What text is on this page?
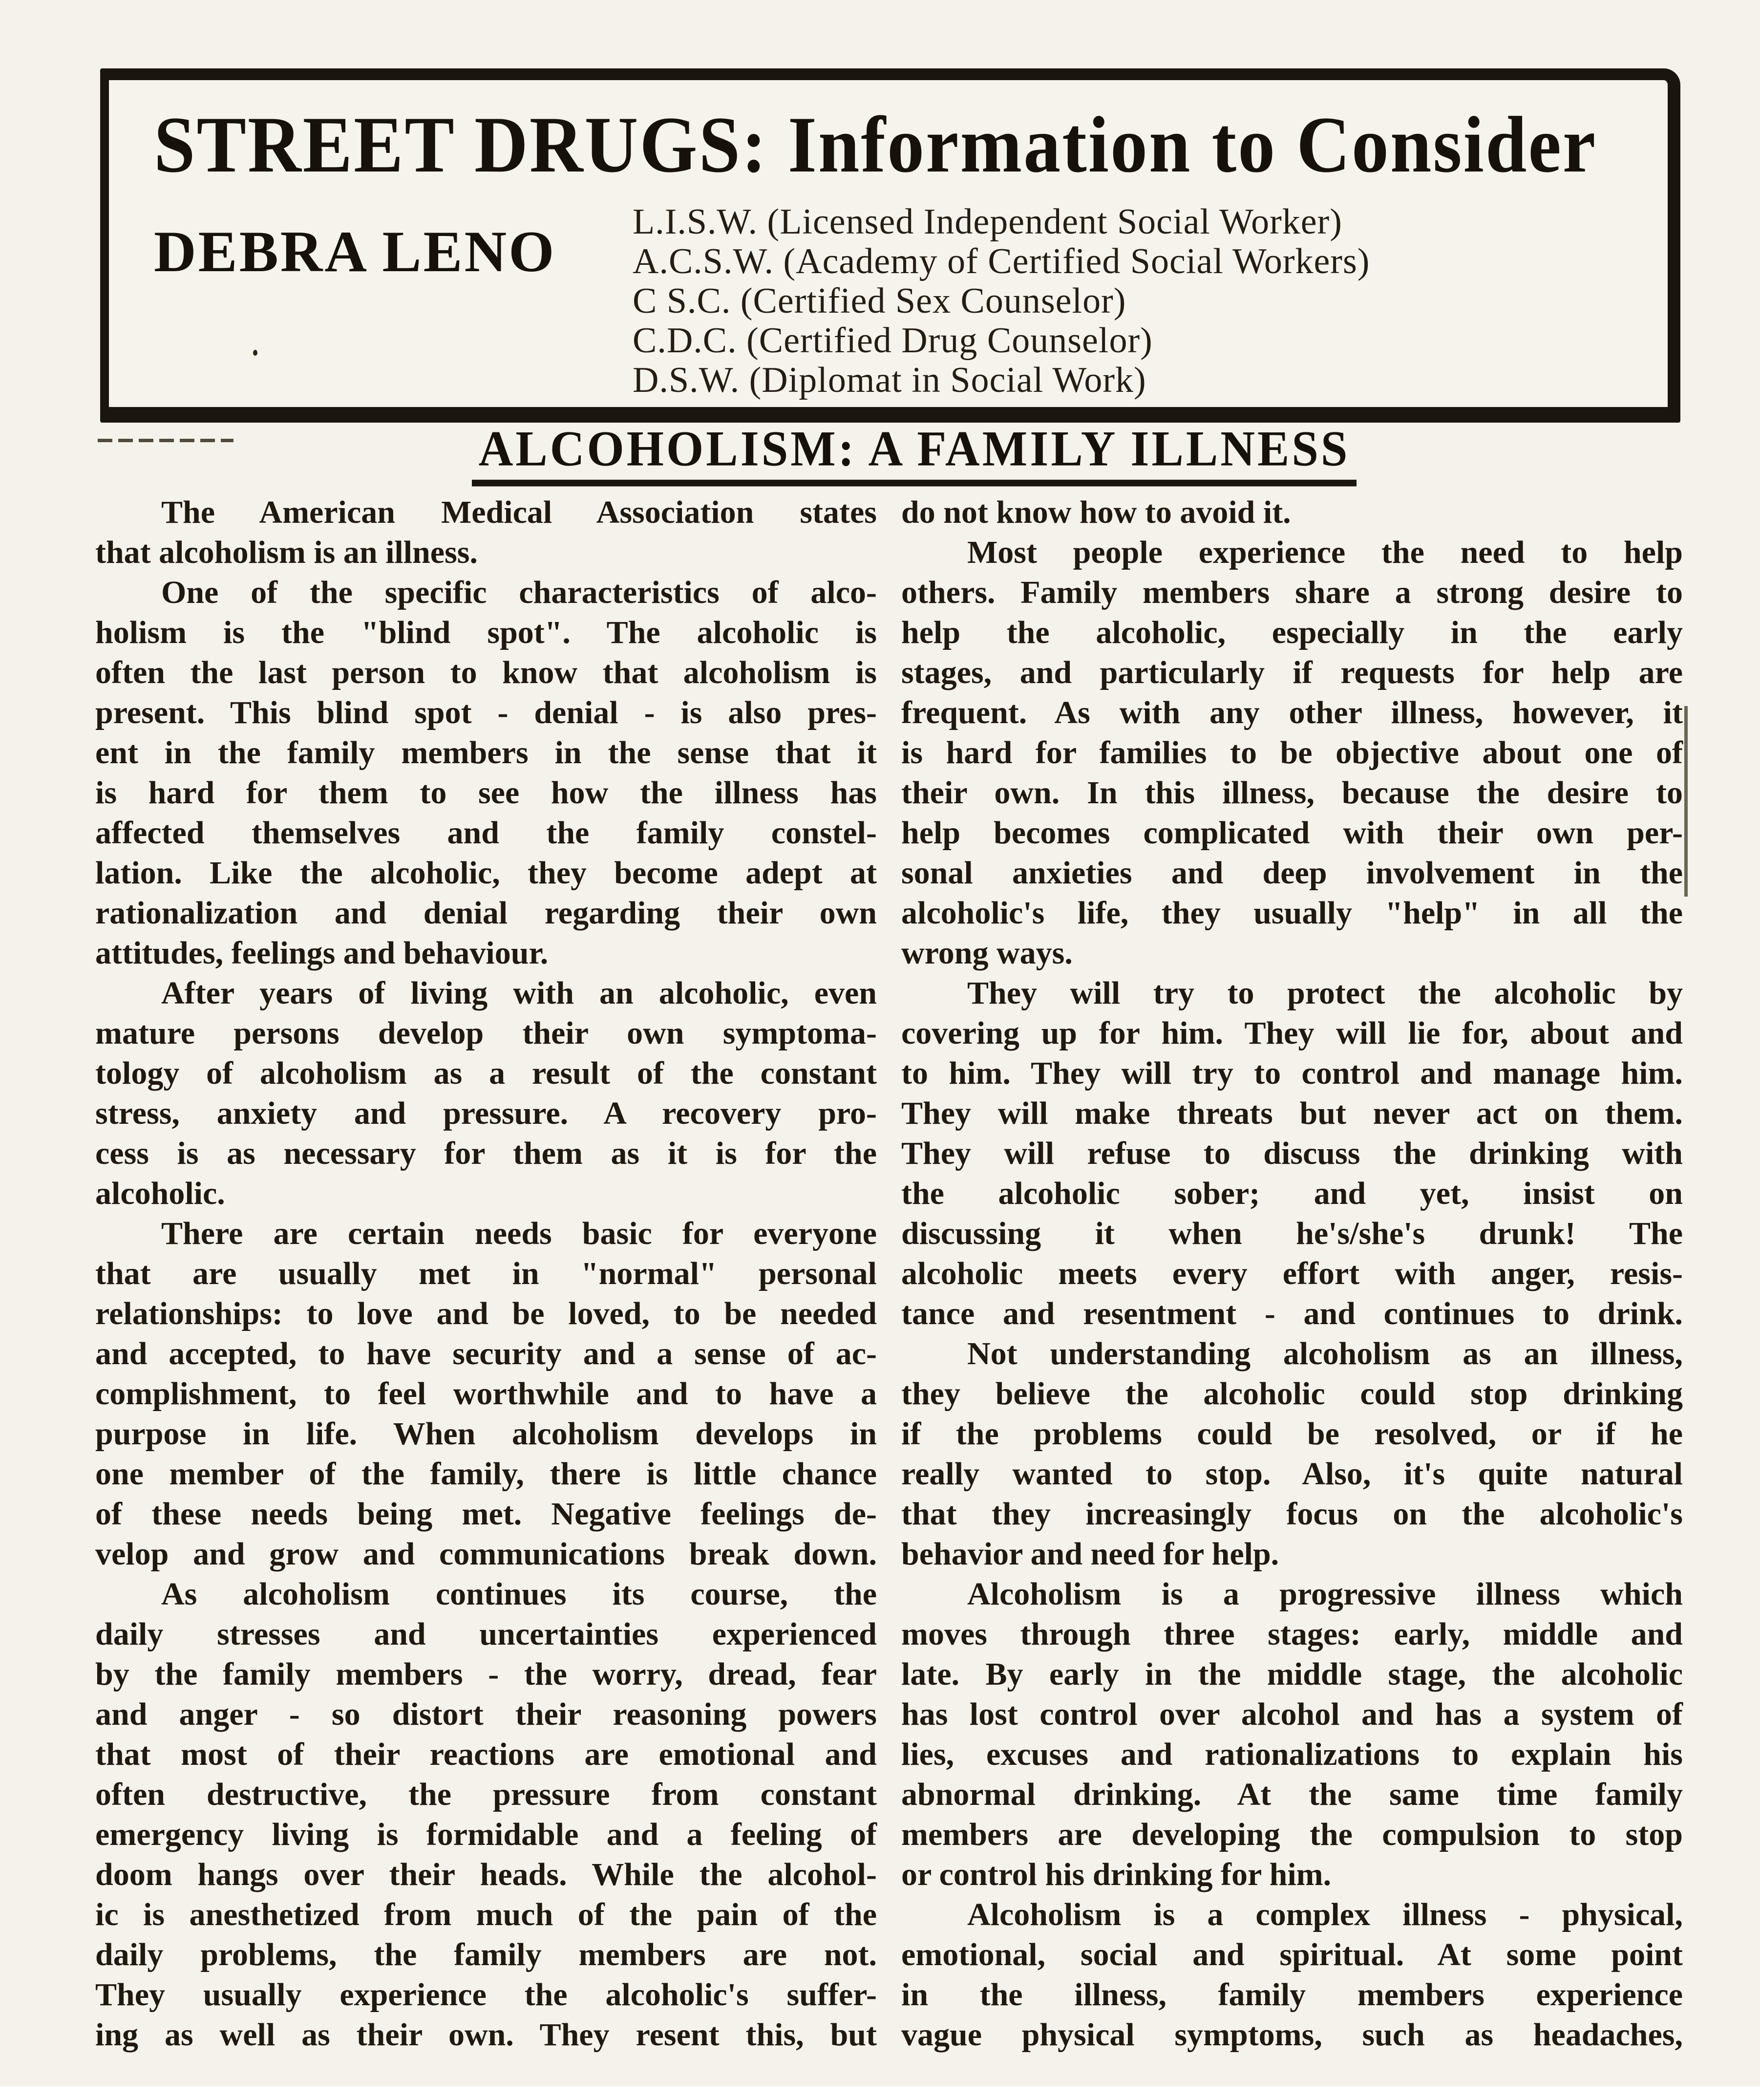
STREET DRUGS: Information to Consider
DEBRA LENO L.I.S.W. (Licensed Independent Social Worker)
A.C.S.W. (Academy of Certified Social Workers)
C S.C. (Certified Sex Counselor)
C.D.C. (Certified Drug Counselor)
D.S.W. (Diplomat in Social Work)
ALCOHOLISM: A FAMILY ILLNESS
The American Medical Association states
that alcoholism is an illness.
One of the specific characteristics of alco-
holism is the "blind spot". The alcoholic is
often the last person to know that alcoholism is
present. This blind spot - denial - is also pres-
ent in the family members in the sense that it
is hard for them to see how the illness has
affected themselves and the family constel-
lation. Like the alcoholic, they become adept at
rationalization and denial regarding their own
attitudes, feelings and behaviour.
After years of living with an alcoholic, even
mature persons develop their own symptoma-
tology of alcoholism as a result of the constant
stress, anxiety and pressure. A recovery pro-
cess is as necessary for them as it is for the
alcoholic.
There are certain needs basic for everyone
that are usually met in "normal" personal
relationships: to love and be loved, to be needed
and accepted, to have security and a sense of ac-
complishment, to feel worthwhile and to have a
purpose in life. When alcoholism develops in
one member of the family, there is little chance
of these needs being met. Negative feelings de-
velop and grow and communications break down.
As alcoholism continues its course, the
daily stresses and uncertainties experienced
by the family members - the worry, dread, fear
and anger - so distort their reasoning powers
that most of their reactions are emotional and
often destructive, the pressure from constant
emergency living is formidable and a feeling of
doom hangs over their heads. While the alcohol-
ic is anesthetized from much of the pain of the
daily problems, the family members are not.
They usually experience the alcoholic's suffer-
ing as well as their own. They resent this, but
do not know how to avoid it.
Most people experience the need to help
others. Family members share a strong desire to
help the alcoholic, especially in the early
stages, and particularly if requests for help are
frequent. As with any other illness, however, it
is hard for families to be objective about one of
their own. In this illness, because the desire to
help becomes complicated with their own per-
sonal anxieties and deep involvement in the
alcoholic's life, they usually "help" in all the
wrong ways.
They will try to protect the alcoholic by
covering up for him. They will lie for, about and
to him. They will try to control and manage him.
They will make threats but never act on them.
They will refuse to discuss the drinking with
the alcoholic sober; and yet, insist on
discussing it when he's/she's drunk! The
alcoholic meets every effort with anger, resis-
tance and resentment - and continues to drink.
Not understanding alcoholism as an illness,
they believe the alcoholic could stop drinking
if the problems could be resolved, or if he
really wanted to stop. Also, it's quite natural
that they increasingly focus on the alcoholic's
behavior and need for help.
Alcoholism is a progressive illness which
moves through three stages: early, middle and
late. By early in the middle stage, the alcoholic
has lost control over alcohol and has a system of
lies, excuses and rationalizations to explain his
abnormal drinking. At the same time family
members are developing the compulsion to stop
or control his drinking for him.
Alcoholism is a complex illness - physical,
emotional, social and spiritual. At some point
in the illness, family members experience
vague physical symptoms, such as headaches,
